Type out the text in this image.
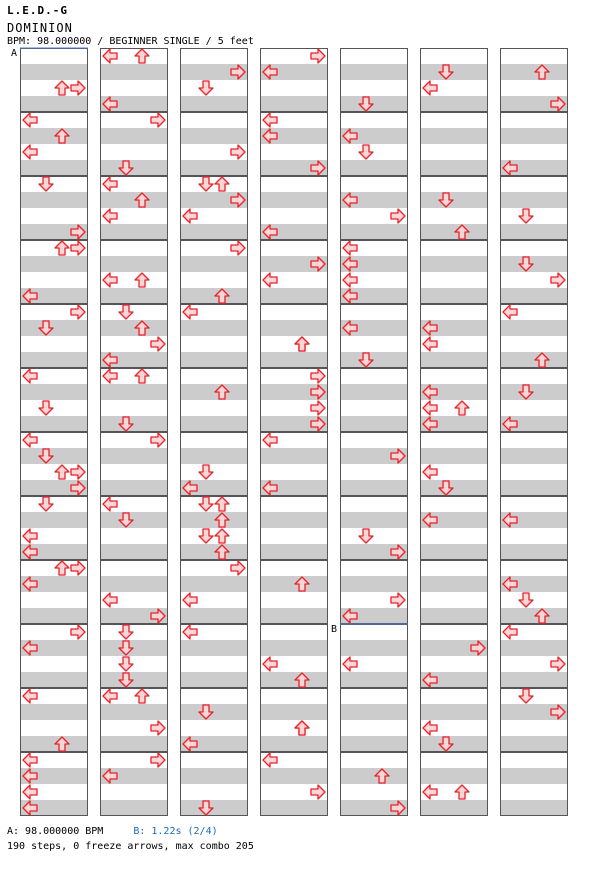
L.E.D.-G
DOMINION
BPM: 98.000000 / BEGINNER SINGLE / 5 feet
A
B
A: 98.000000 BPM	B: 1.22s (2/4)
190 steps, 0 freeze arrows, max combo 205
